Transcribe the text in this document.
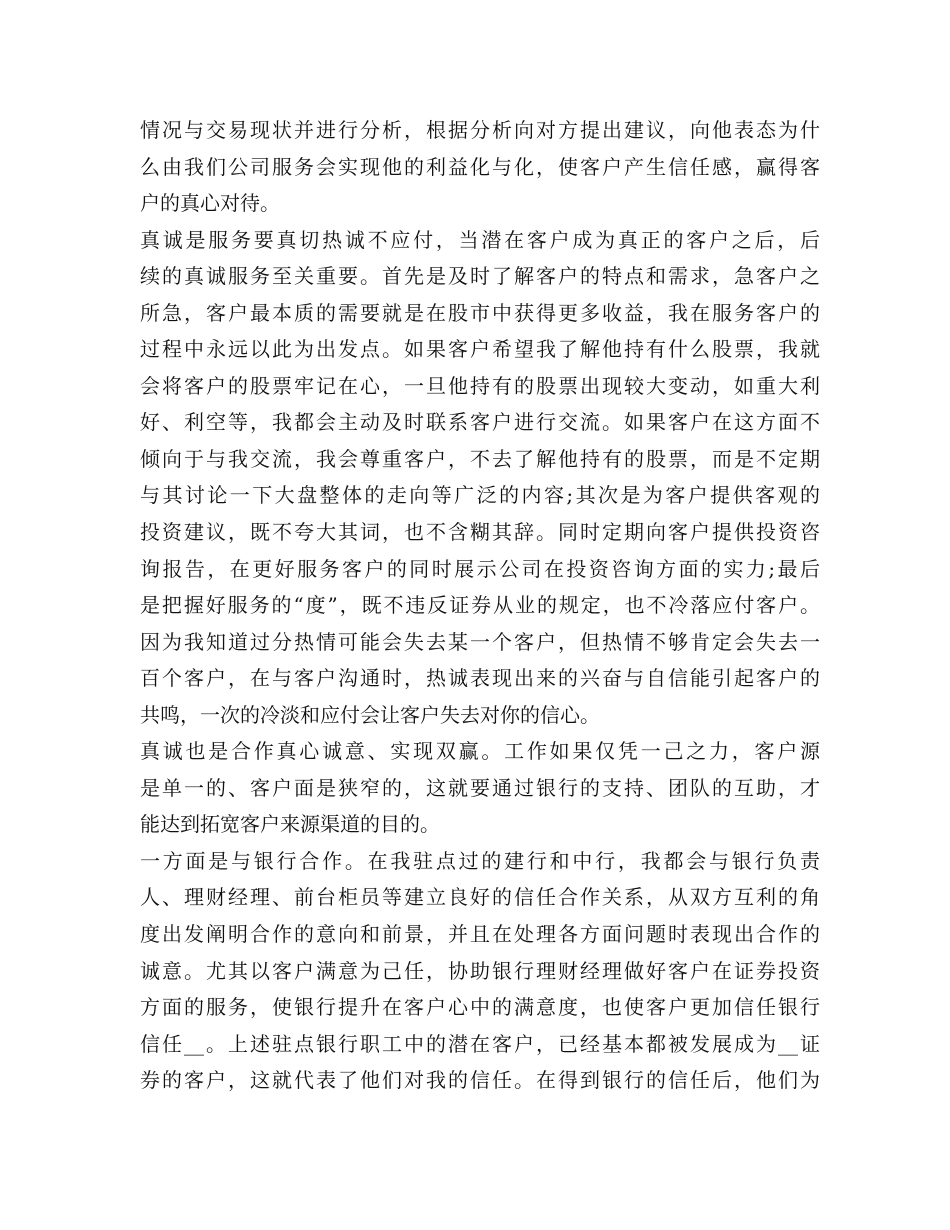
情况与交易现状并进行分析，根据分析向对方提出建议，向他表态为什
么由我们公司服务会实现他的利益化与化，使客户产生信任感，赢得客
户的真心对待。
真诚是服务要真切热诚不应付，当潜在客户成为真正的客户之后，后
续的真诚服务至关重要。首先是及时了解客户的特点和需求，急客户之
所急，客户最本质的需要就是在股市中获得更多收益，我在服务客户的
过程中永远以此为出发点。如果客户希望我了解他持有什么股票，我就
会将客户的股票牢记在心，一旦他持有的股票出现较大变动，如重大利
好、利空等，我都会主动及时联系客户进行交流。如果客户在这方面不
倾向于与我交流，我会尊重客户，不去了解他持有的股票，而是不定期
与其讨论一下大盘整体的走向等广泛的内容;其次是为客户提供客观的
投资建议，既不夸大其词，也不含糊其辞。同时定期向客户提供投资咨
询报告，在更好服务客户的同时展示公司在投资咨询方面的实力;最后
是把握好服务的“度”，既不违反证券从业的规定，也不冷落应付客户。
因为我知道过分热情可能会失去某一个客户，但热情不够肯定会失去一
百个客户，在与客户沟通时，热诚表现出来的兴奋与自信能引起客户的
共鸣，一次的冷淡和应付会让客户失去对你的信心。
真诚也是合作真心诚意、实现双赢。工作如果仅凭一己之力，客户源
是单一的、客户面是狭窄的，这就要通过银行的支持、团队的互助，才
能达到拓宽客户来源渠道的目的。
一方面是与银行合作。在我驻点过的建行和中行，我都会与银行负责
人、理财经理、前台柜员等建立良好的信任合作关系，从双方互利的角
度出发阐明合作的意向和前景，并且在处理各方面问题时表现出合作的
诚意。尤其以客户满意为己任，协助银行理财经理做好客户在证券投资
方面的服务，使银行提升在客户心中的满意度，也使客户更加信任银行
信任__。上述驻点银行职工中的潜在客户，已经基本都被发展成为__证
券的客户，这就代表了他们对我的信任。在得到银行的信任后，他们为
